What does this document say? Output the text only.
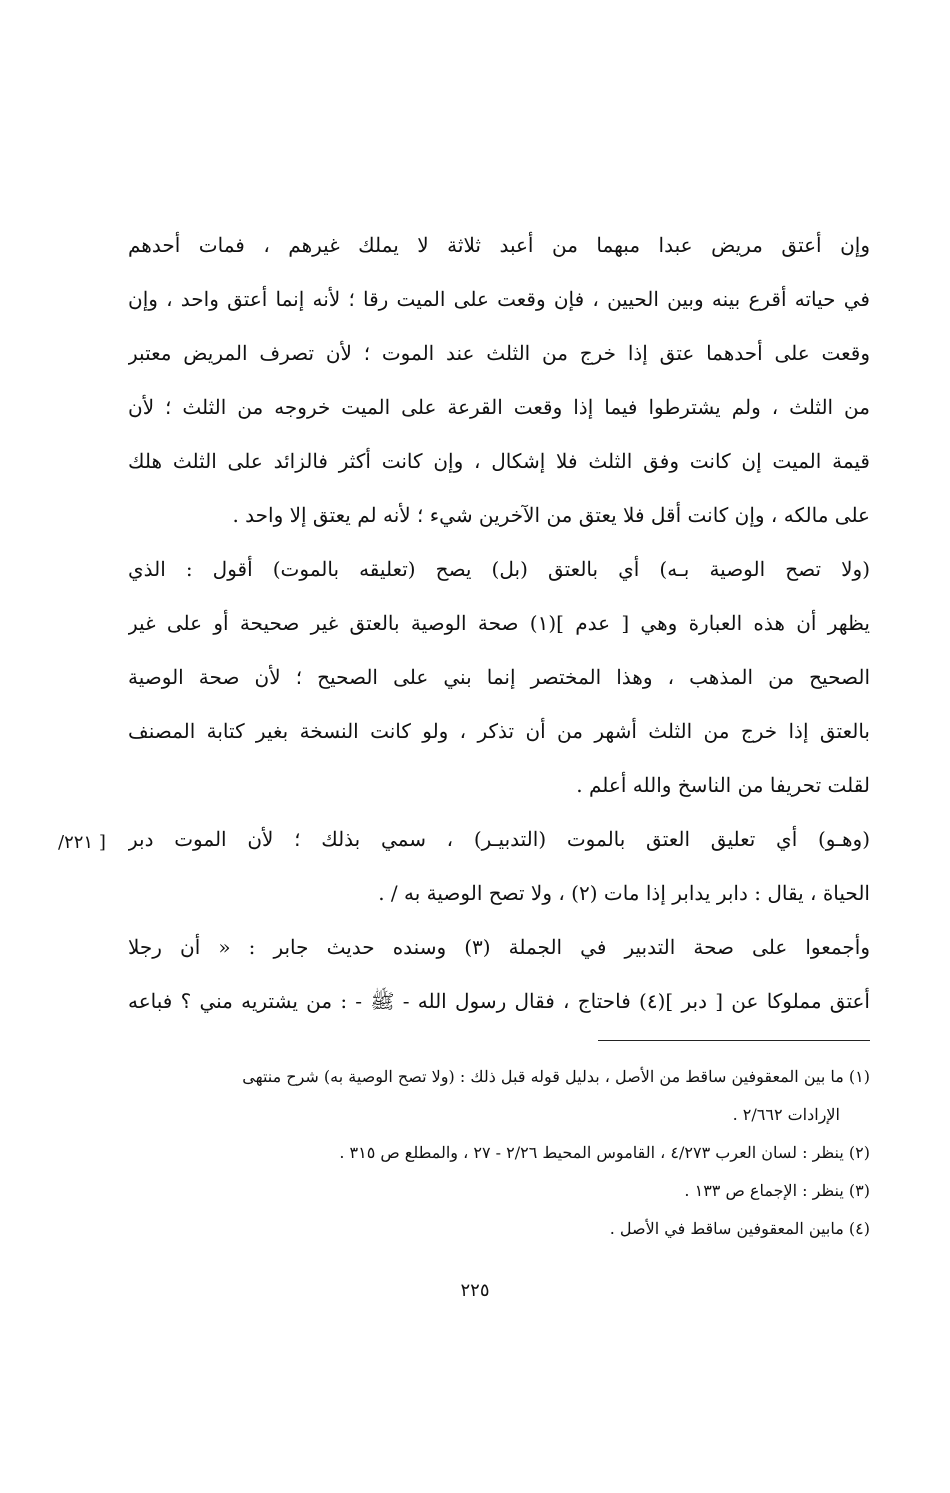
وإن أعتق مريض عبدا مبهما من أعبد ثلاثة لا يملك غيرهم ، فمات أحدهم
في حياته أقرع بينه وبين الحيين ، فإن وقعت على الميت رقا ؛ لأنه إنما أعتق واحد ، وإن
وقعت على أحدهما عتق إذا خرج من الثلث عند الموت ؛ لأن تصرف المريض معتبر
من الثلث ، ولم يشترطوا فيما إذا وقعت القرعة على الميت خروجه من الثلث ؛ لأن
قيمة الميت إن كانت وفق الثلث فلا إشكال ، وإن كانت أكثر فالزائد على الثلث هلك
على مالكه ، وإن كانت أقل فلا يعتق من الآخرين شيء ؛ لأنه لم يعتق إلا واحد .
(ولا تصح الوصية بـه) أي بالعتق (بل) يصح (تعليقه بالموت) أقول : الذي
يظهر أن هذه العبارة وهي [ عدم ](١) صحة الوصية بالعتق غير صحيحة أو على غير
الصحيح من المذهب ، وهذا المختصر إنما بني على الصحيح ؛ لأن صحة الوصية
بالعتق إذا خرج من الثلث أشهر من أن تذكر ، ولو كانت النسخة بغير كتابة المصنف
لقلت تحريفا من الناسخ والله أعلم .
(وهـو) أي تعليق العتق بالموت (التدبيـر) ، سمي بذلك ؛ لأن الموت دبر
الحياة ، يقال : دابر يدابر إذا مات (٢) ، ولا تصح الوصية به / .
وأجمعوا على صحة التدبير في الجملة (٣) وسنده حديث جابر : « أن رجلا
أعتق مملوكا عن [ دبر ](٤) فاحتاج ، فقال رسول الله - ﷺ - : من يشتريه مني ؟ فباعه
[ ٢٢١/
(١) ما بين المعقوفين ساقط من الأصل ، بدليل قوله قبل ذلك : (ولا تصح الوصية به) شرح منتهى
الإرادات ٢/٦٦٢ .
(٢) ينظر : لسان العرب ٤/٢٧٣ ، القاموس المحيط ٢/٢٦ - ٢٧ ، والمطلع ص ٣١٥ .
(٣) ينظر : الإجماع ص ١٣٣ .
(٤) مابين المعقوفين ساقط في الأصل .
٢٢٥
